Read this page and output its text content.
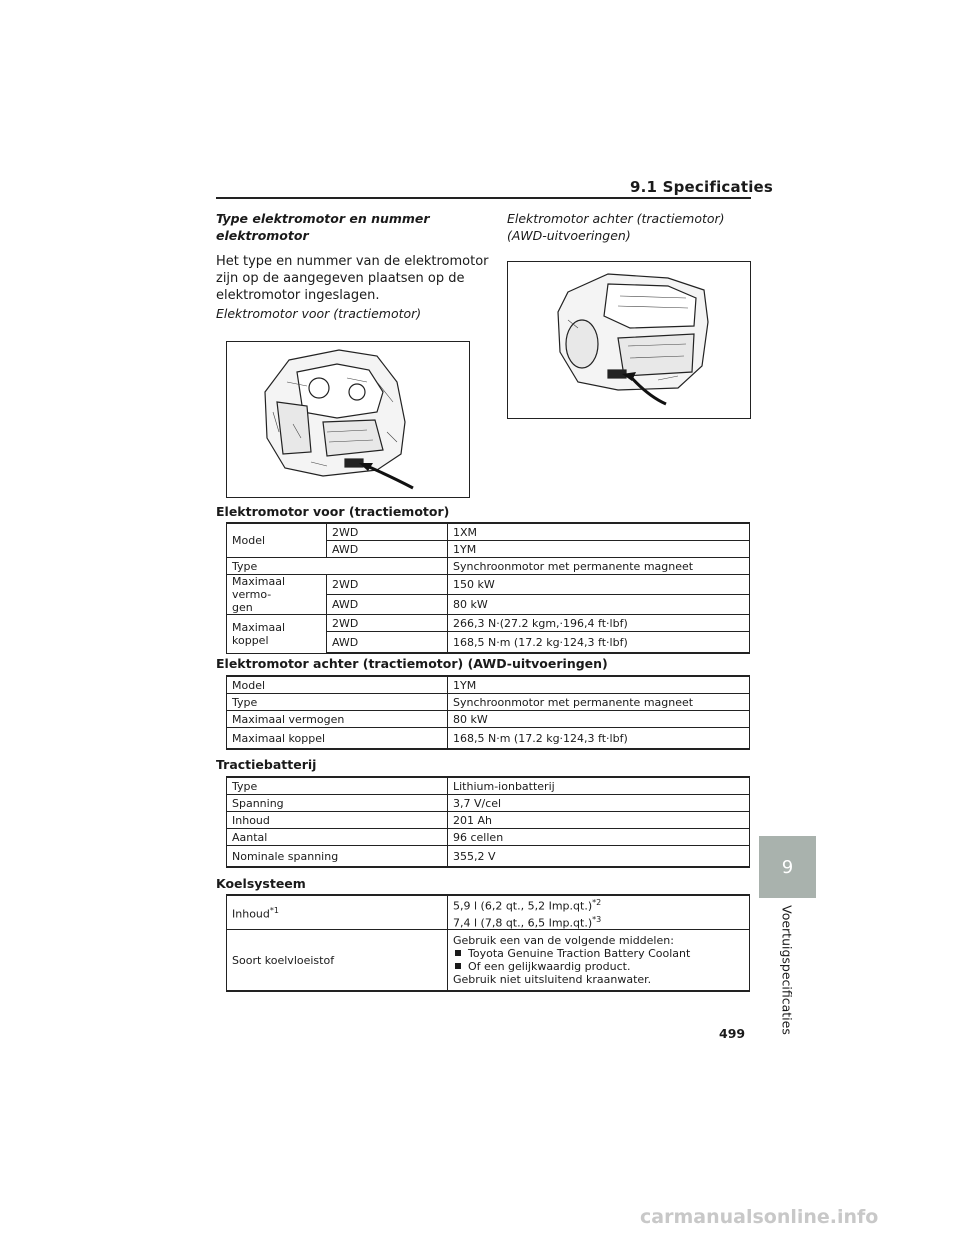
9.1 Specificaties
Type elektromotor en nummer
elektromotor
Het type en nummer van de elektromotor
zijn op de aangegeven plaatsen op de
elektromotor ingeslagen.
Elektromotor voor (tractiemotor)
Elektromotor achter (tractiemotor)
(AWD-uitvoeringen)
Elektromotor voor (tractiemotor)
Model	2WD	1XM
	AWD	1YM
Type		Synchroonmotor met permanente magneet

Maximaal vermo-
gen	2WD	150 kW
	AWD	80 kW
Maximaal koppel	2WD	266,3 N·(27.2 kgm,·196,4 ft·lbf)
	AWD	168,5 N·m (17.2 kg·124,3 ft·lbf)
Elektromotor achter (tractiemotor) (AWD-uitvoeringen)
Model	1YM
Type	Synchroonmotor met permanente magneet
Maximaal vermogen	80 kW
Maximaal koppel	168,5 N·m (17.2 kg·124,3 ft·lbf)
Tractiebatterij
Type	Lithium-ionbatterij
Spanning	3,7 V/cel
Inhoud	201 Ah
Aantal	96 cellen
Nominale spanning	355,2 V
Koelsysteem
Inhoud$^{*1}$	5,9 l (6,2 qt., 5,2 Imp.qt.)$^{*2}$
7,4 l (7,8 qt., 6,5 Imp.qt.)$^{*3}$

Soort koelvloeistof	Gebruik een van de volgende middelen:
Toyota Genuine Traction Battery Coolant
Of een gelijkwaardig product.
Gebruik niet uitsluitend kraanwater.
9
Voertuigspecificaties
499
carmanualsonline.info
